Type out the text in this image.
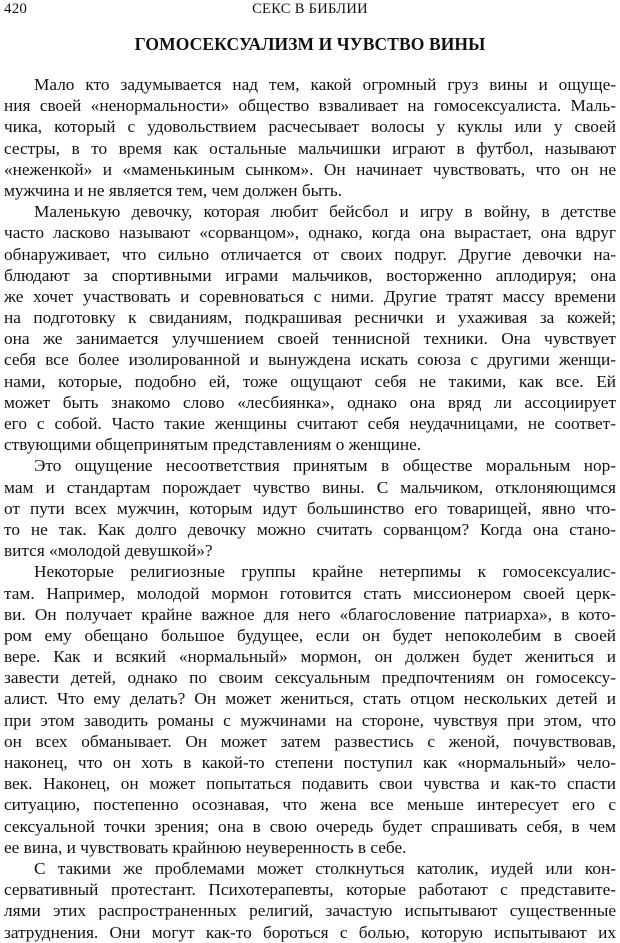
420	СЕКС В БИБЛИИ
ГОМОСЕКСУАЛИЗМ И ЧУВСТВО ВИНЫ
Мало кто задумывается над тем, какой огромный груз вины и ощуще-
ния своей «ненормальности» общество взваливает на гомосексуалиста. Маль-
чика, который с удовольствием расчесывает волосы у куклы или у своей
сестры, в то время как остальные мальчишки играют в футбол, называют
«неженкой» и «маменькиным сынком». Он начинает чувствовать, что он не
мужчина и не является тем, чем должен быть.
Маленькую девочку, которая любит бейсбол и игру в войну, в детстве
часто ласково называют «сорванцом», однако, когда она вырастает, она вдруг
обнаруживает, что сильно отличается от своих подруг. Другие девочки на-
блюдают за спортивными играми мальчиков, восторженно аплодируя; она
же хочет участвовать и соревноваться с ними. Другие тратят массу времени
на подготовку к свиданиям, подкрашивая реснички и ухаживая за кожей;
она же занимается улучшением своей теннисной техники. Она чувствует
себя все более изолированной и вынуждена искать союза с другими женщи-
нами, которые, подобно ей, тоже ощущают себя не такими, как все. Ей
может быть знакомо слово «лесбиянка», однако она вряд ли ассоциирует
его с собой. Часто такие женщины считают себя неудачницами, не соответ-
ствующими общепринятым представлениям о женщине.
Это ощущение несоответствия принятым в обществе моральным нор-
мам и стандартам порождает чувство вины. С мальчиком, отклоняющимся
от пути всех мужчин, которым идут большинство его товарищей, явно что-
то не так. Как долго девочку можно считать сорванцом? Когда она стано-
вится «молодой девушкой»?
Некоторые религиозные группы крайне нетерпимы к гомосексуалис-
там. Например, молодой мормон готовится стать миссионером своей церк-
ви. Он получает крайне важное для него «благословение патриарха», в кото-
ром ему обещано большое будущее, если он будет непоколебим в своей
вере. Как и всякий «нормальный» мормон, он должен будет жениться и
завести детей, однако по своим сексуальным предпочтениям он гомосексу-
алист. Что ему делать? Он может жениться, стать отцом нескольких детей и
при этом заводить романы с мужчинами на стороне, чувствуя при этом, что
он всех обманывает. Он может затем развестись с женой, почувствовав,
наконец, что он хоть в какой-то степени поступил как «нормальный» чело-
век. Наконец, он может попытаться подавить свои чувства и как-то спасти
ситуацию, постепенно осознавая, что жена все меньше интересует его с
сексуальной точки зрения; она в свою очередь будет спрашивать себя, в чем
ее вина, и чувствовать крайнюю неуверенность в себе.
С такими же проблемами может столкнуться католик, иудей или кон-
сервативный протестант. Психотерапевты, которые работают с представите-
лями этих распространенных религий, зачастую испытывают существенные
затруднения. Они могут как-то бороться с болью, которую испытывают их
